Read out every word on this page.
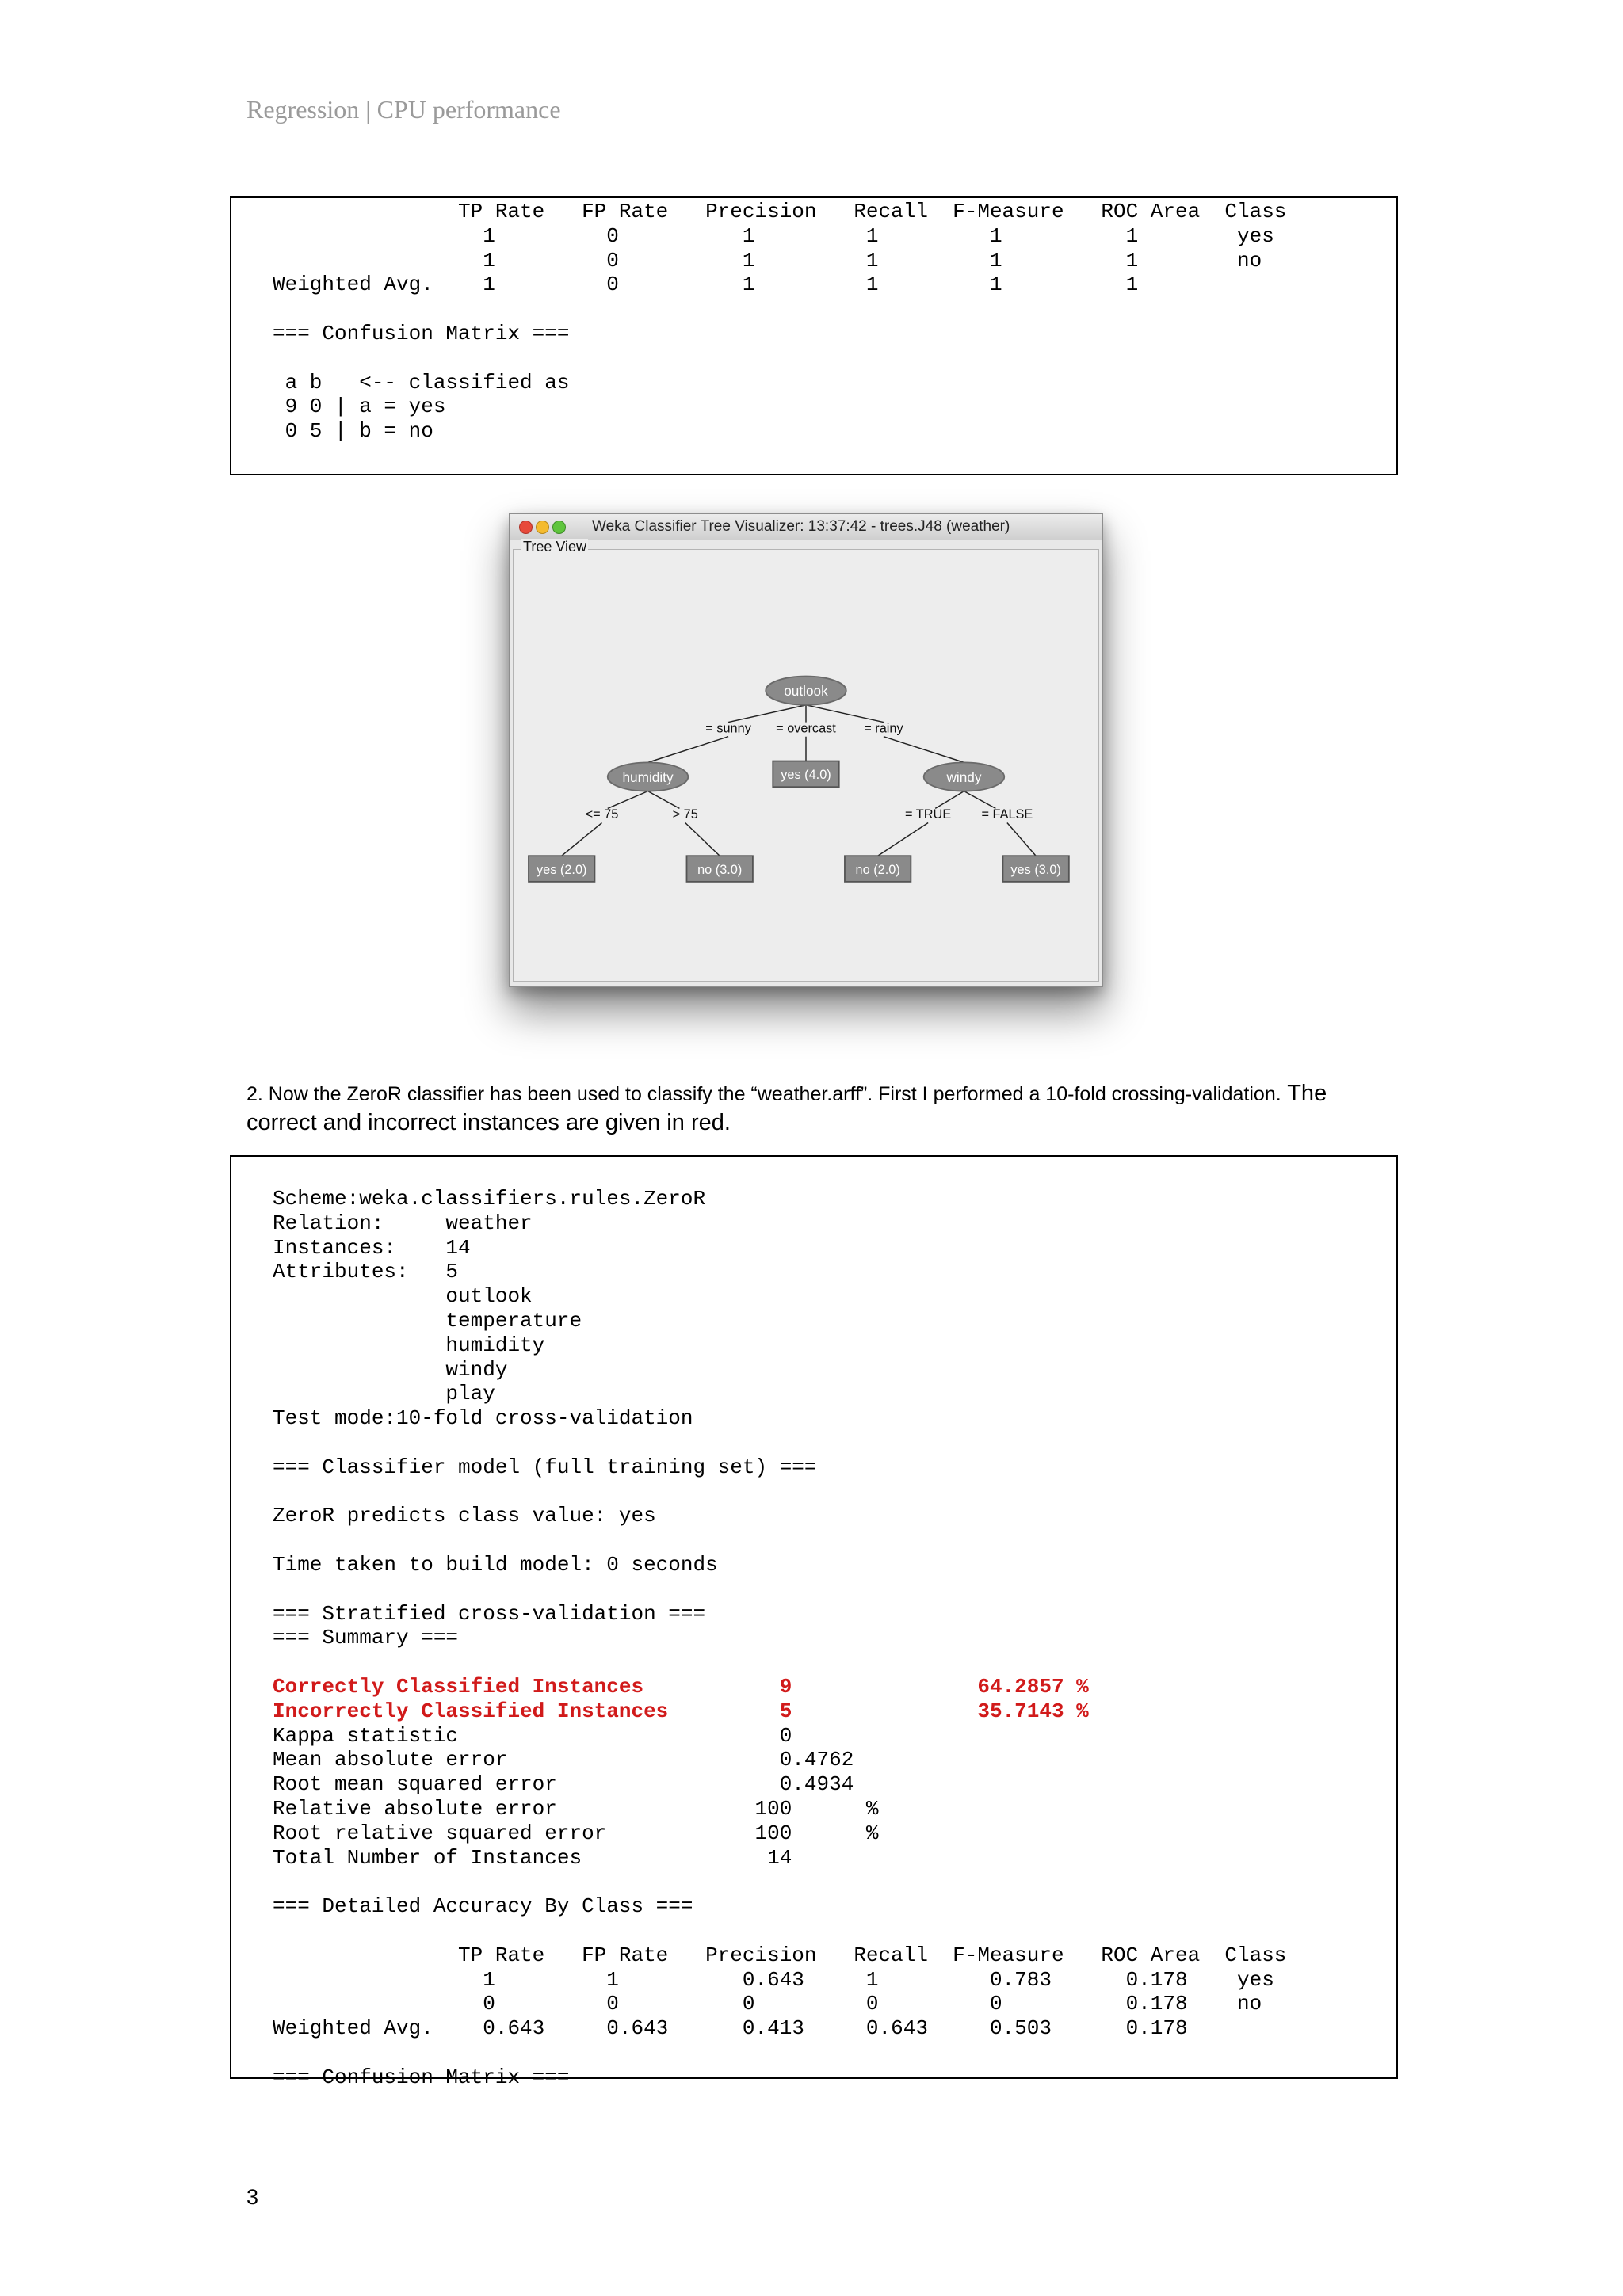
Regression | CPU performance
TP Rate   FP Rate   Precision   Recall  F-Measure   ROC Area  Class
1         0          1         1         1          1        yes
1         0          1         1         1          1        no
Weighted Avg.    1         0          1         1         1          1

=== Confusion Matrix ===

a b   <-- classified as
9 0 | a = yes
0 5 | b = no
Weka Classifier Tree Visualizer: 13:37:42 - trees.J48 (weather)
Tree View
outlook
humidity	windy
yes (4.0)
yes (2.0)	no (3.0)	no (2.0)	yes (3.0)
= sunny	= overcast	= rainy
<= 75	> 75	= TRUE	= FALSE
2. Now the ZeroR classifier has been used to classify the “weather.arff”. First I performed a 10-fold crossing-validation. The correct and incorrect instances are given in red.
Scheme:weka.classifiers.rules.ZeroR
Relation:     weather
Instances:    14
Attributes:   5
outlook
temperature
humidity
windy
play
Test mode:10-fold cross-validation

=== Classifier model (full training set) ===

ZeroR predicts class value: yes

Time taken to build model: 0 seconds

=== Stratified cross-validation ===
=== Summary ===

Correctly Classified Instances           9               64.2857 %
Incorrectly Classified Instances         5               35.7143 %
Kappa statistic                          0
Mean absolute error                      0.4762
Root mean squared error                  0.4934
Relative absolute error                100      %
Root relative squared error            100      %
Total Number of Instances               14

=== Detailed Accuracy By Class ===

TP Rate   FP Rate   Precision   Recall  F-Measure   ROC Area  Class
1         1          0.643     1         0.783      0.178    yes
0         0          0         0         0          0.178    no
Weighted Avg.    0.643     0.643      0.413     0.643     0.503      0.178

=== Confusion Matrix ===
3
